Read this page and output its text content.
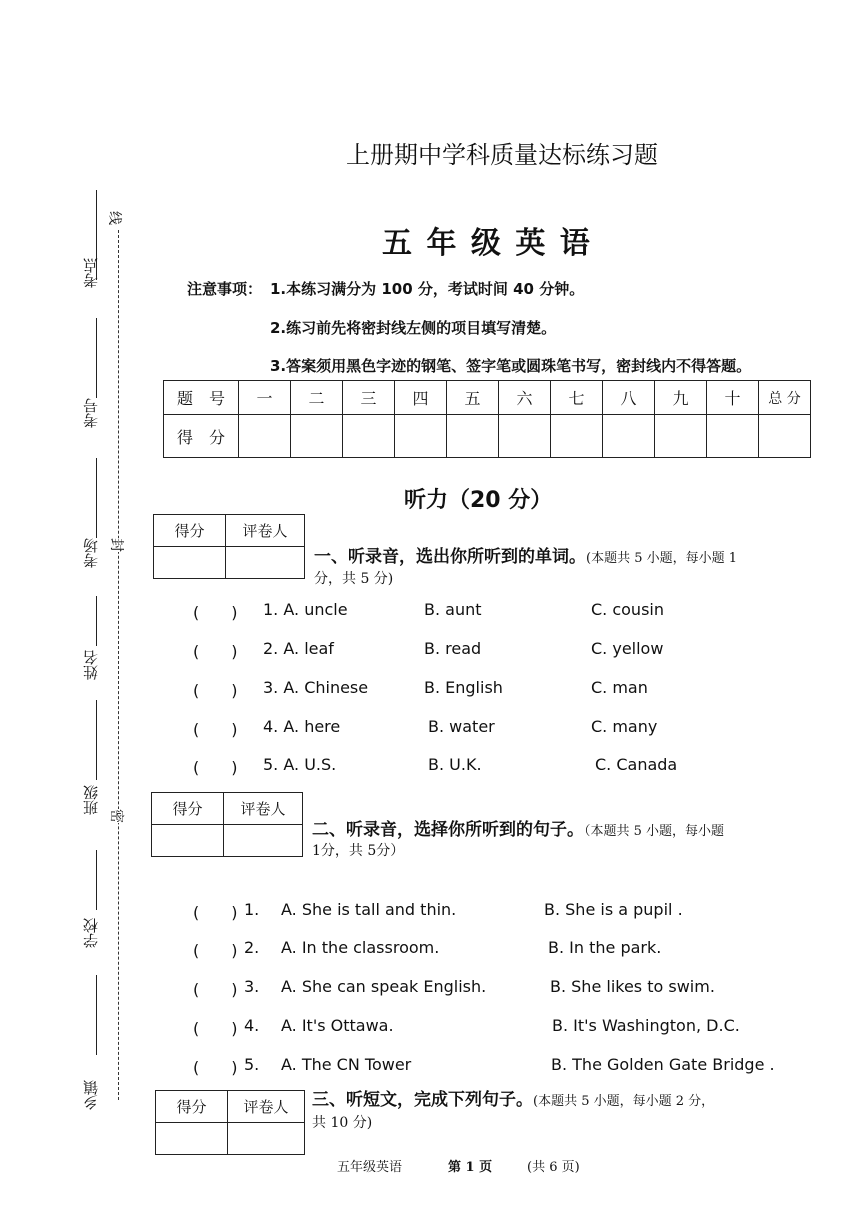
考点
考号
考场
姓名
班级
学校
乡镇
线
封
密
上册期中学科质量达标练习题
五 年 级 英 语
注意事项： 1.本练习满分为 100 分，考试时间 40 分钟。
2.练习前先将密封线左侧的项目填写清楚。
3.答案须用黑色字迹的钢笔、签字笔或圆珠笔书写，密封线内不得答题。
题　号	一	二	三	四	五	六	七	八	九	十	总 分
得　分											
听力（20 分）
得分	评卷人

一、听录音，选出你所听到的单词。(本题共 5 小题，每小题 1
分，共 5 分)
(　　) 1. A. uncle	B. aunt	C. cousin
(　　) 2. A. leaf	B. read	C. yellow
(　　) 3. A. Chinese	B. English	C. man
(　　) 4. A. here	B. water	C. many
(　　) 5. A. U.S.	B. U.K.	C. Canada
得分	评卷人

二、听录音，选择你所听到的句子。（本题共 5 小题，每小题
1分，共 5分）
(　　) 1. A. She is tall and thin.	B. She is a pupil .
(　　) 2. A. In the classroom.	B. In the park.
(　　) 3. A. She can speak English.	B. She likes to swim.
(　　) 4. A. It's Ottawa.	B. It's Washington, D.C.
(　　) 5. A. The CN Tower	B. The Golden Gate Bridge .
得分	评卷人
	三、听短文，完成下列句子。(本题共 5 小题，每小题 2 分，
共 10 分)
五年级英语	第 1 页	(共 6 页)
